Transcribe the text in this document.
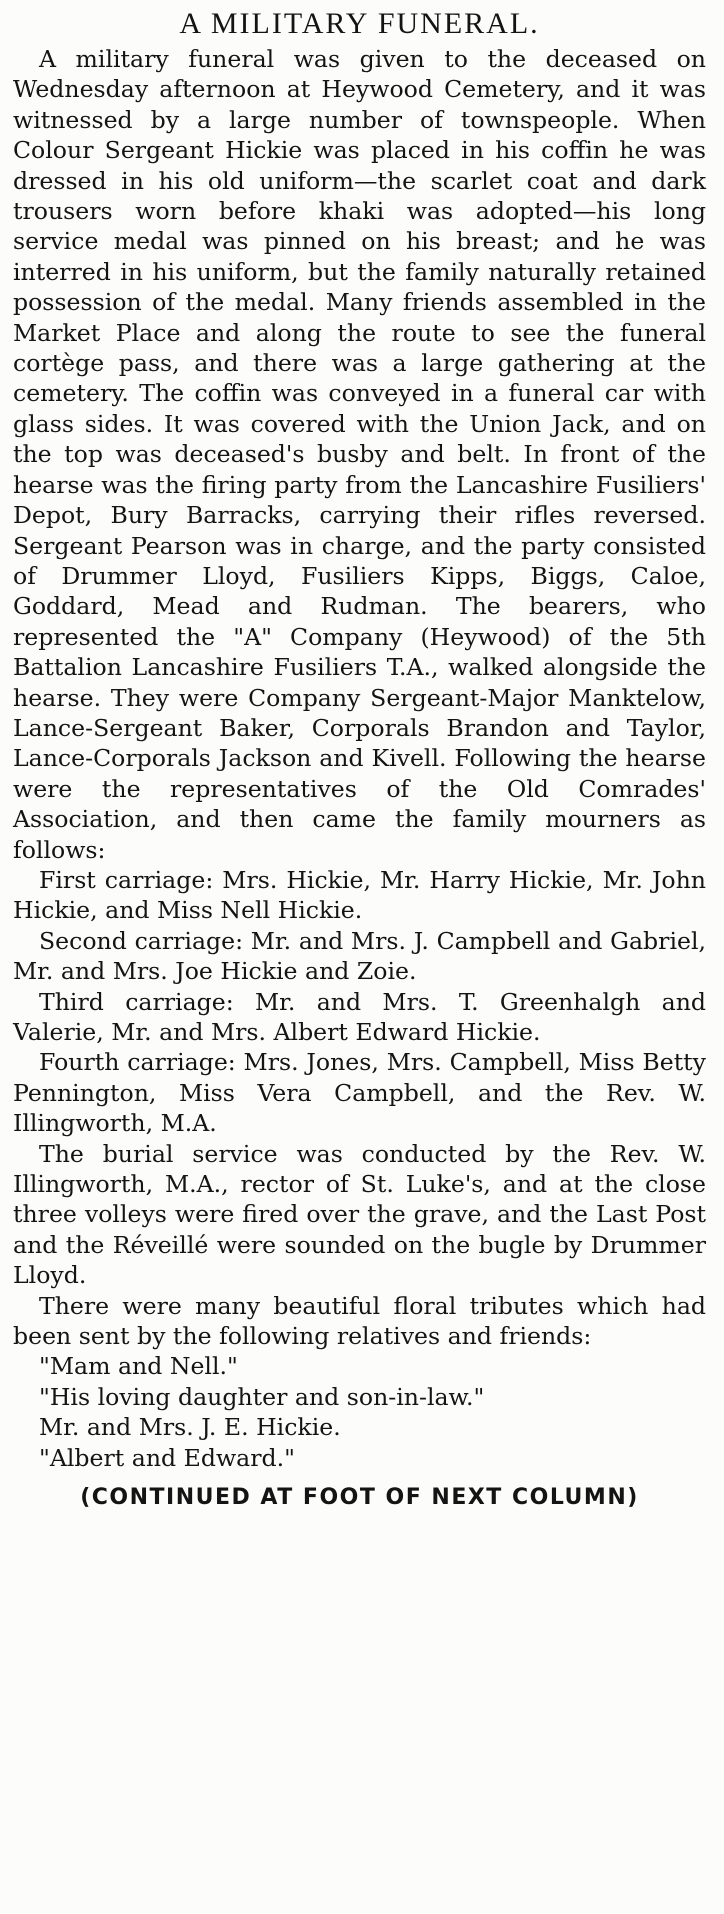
A MILITARY FUNERAL.

A military funeral was given to the deceased on Wednesday afternoon at Heywood Cemetery, and it was witnessed by a large number of townspeople. When Colour Sergeant Hickie was placed in his coffin he was dressed in his old uniform—the scarlet coat and dark trousers worn before khaki was adopted—his long service medal was pinned on his breast; and he was interred in his uniform, but the family naturally retained possession of the medal. Many friends assembled in the Market Place and along the route to see the funeral cortège pass, and there was a large gathering at the cemetery. The coffin was conveyed in a funeral car with glass sides. It was covered with the Union Jack, and on the top was deceased's busby and belt. In front of the hearse was the firing party from the Lancashire Fusiliers' Depot, Bury Barracks, carrying their rifles reversed. Sergeant Pearson was in charge, and the party consisted of Drummer Lloyd, Fusiliers Kipps, Biggs, Caloe, Goddard, Mead and Rudman. The bearers, who represented the "A" Company (Heywood) of the 5th Battalion Lancashire Fusiliers T.A., walked alongside the hearse. They were Company Sergeant-Major Manktelow, Lance-Sergeant Baker, Corporals Brandon and Taylor, Lance-Corporals Jackson and Kivell. Following the hearse were the representatives of the Old Comrades' Association, and then came the family mourners as follows:

First carriage: Mrs. Hickie, Mr. Harry Hickie, Mr. John Hickie, and Miss Nell Hickie.

Second carriage: Mr. and Mrs. J. Campbell and Gabriel, Mr. and Mrs. Joe Hickie and Zoie.

Third carriage: Mr. and Mrs. T. Greenhalgh and Valerie, Mr. and Mrs. Albert Edward Hickie.

Fourth carriage: Mrs. Jones, Mrs. Campbell, Miss Betty Pennington, Miss Vera Campbell, and the Rev. W. Illingworth, M.A.

The burial service was conducted by the Rev. W. Illingworth, M.A., rector of St. Luke's, and at the close three volleys were fired over the grave, and the Last Post and the Réveillé were sounded on the bugle by Drummer Lloyd.

There were many beautiful floral tributes which had been sent by the following relatives and friends:

"Mam and Nell."
"His loving daughter and son-in-law."
Mr. and Mrs. J. E. Hickie.
"Albert and Edward."

(CONTINUED AT FOOT OF NEXT COLUMN)
